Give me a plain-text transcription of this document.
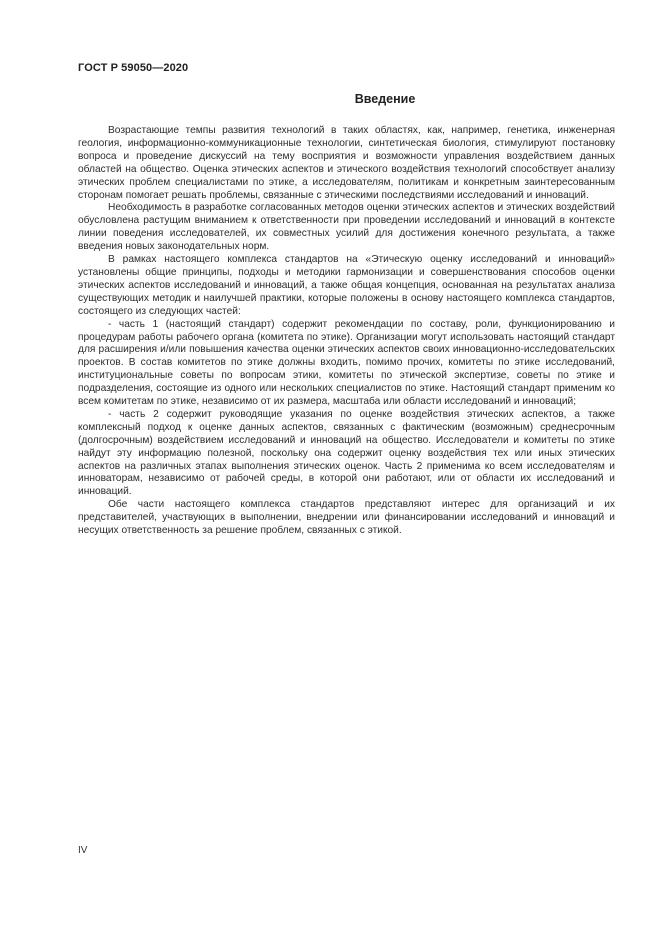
ГОСТ Р 59050—2020
Введение

Возрастающие темпы развития технологий в таких областях, как, например, генетика, инженерная геология, информационно-коммуникационные технологии, синтетическая биология, стимулируют постановку вопроса и проведение дискуссий на тему восприятия и возможности управления воздействием данных областей на общество. Оценка этических аспектов и этического воздействия технологий способствует анализу этических проблем специалистами по этике, а исследователям, политикам и конкретным заинтересованным сторонам помогает решать проблемы, связанные с этическими последствиями исследований и инноваций.

Необходимость в разработке согласованных методов оценки этических аспектов и этических воздействий обусловлена растущим вниманием к ответственности при проведении исследований и инноваций в контексте линии поведения исследователей, их совместных усилий для достижения конечного результата, а также введения новых законодательных норм.

В рамках настоящего комплекса стандартов на «Этическую оценку исследований и инноваций» установлены общие принципы, подходы и методики гармонизации и совершенствования способов оценки этических аспектов исследований и инноваций, а также общая концепция, основанная на результатах анализа существующих методик и наилучшей практики, которые положены в основу настоящего комплекса стандартов, состоящего из следующих частей:

- часть 1 (настоящий стандарт) содержит рекомендации по составу, роли, функционированию и процедурам работы рабочего органа (комитета по этике). Организации могут использовать настоящий стандарт для расширения и/или повышения качества оценки этических аспектов своих инновационно-исследовательских проектов. В состав комитетов по этике должны входить, помимо прочих, комитеты по этике исследований, институциональные советы по вопросам этики, комитеты по этической экспертизе, советы по этике и подразделения, состоящие из одного или нескольких специалистов по этике. Настоящий стандарт применим ко всем комитетам по этике, независимо от их размера, масштаба или области исследований и инноваций;

- часть 2 содержит руководящие указания по оценке воздействия этических аспектов, а также комплексный подход к оценке данных аспектов, связанных с фактическим (возможным) среднесрочным (долгосрочным) воздействием исследований и инноваций на общество. Исследователи и комитеты по этике найдут эту информацию полезной, поскольку она содержит оценку воздействия тех или иных этических аспектов на различных этапах выполнения этических оценок. Часть 2 применима ко всем исследователям и инноваторам, независимо от рабочей среды, в которой они работают, или от области их исследований и инноваций.

Обе части настоящего комплекса стандартов представляют интерес для организаций и их представителей, участвующих в выполнении, внедрении или финансировании исследований и инноваций и несущих ответственность за решение проблем, связанных с этикой.

IV
